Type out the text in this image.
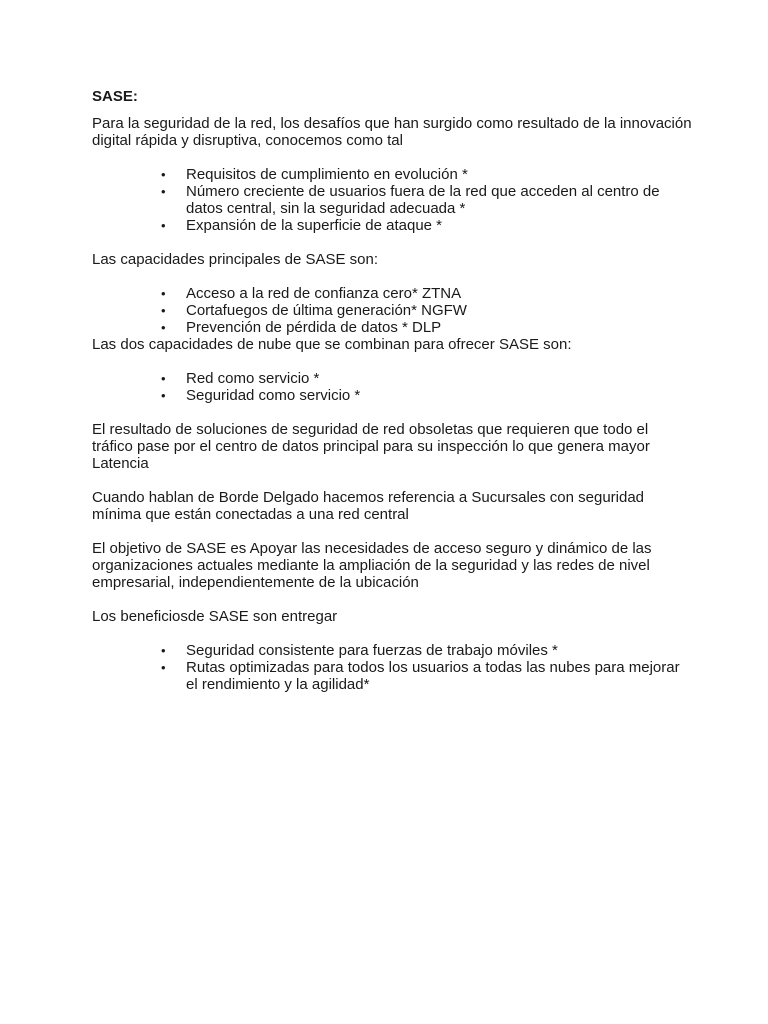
SASE:

Para la seguridad de la red, los desafíos que han surgido como resultado de la innovación digital rápida y disruptiva, conocemos como tal

• Requisitos de cumplimiento en evolución *
• Número creciente de usuarios fuera de la red que acceden al centro de datos central, sin la seguridad adecuada *
• Expansión de la superficie de ataque *

Las capacidades principales de SASE son:

• Acceso a la red de confianza cero* ZTNA
• Cortafuegos de última generación* NGFW
• Prevención de pérdida de datos * DLP

Las dos capacidades de nube que se combinan para ofrecer SASE son:

• Red como servicio *
• Seguridad como servicio *

El resultado de soluciones de seguridad de red obsoletas que requieren que todo el tráfico pase por el centro de datos principal para su inspección lo que genera mayor Latencia

Cuando hablan de Borde Delgado hacemos referencia a Sucursales con seguridad mínima que están conectadas a una red central

El objetivo de SASE es Apoyar las necesidades de acceso seguro y dinámico de las organizaciones actuales mediante la ampliación de la seguridad y las redes de nivel empresarial, independientemente de la ubicación

Los beneficiosde SASE son entregar

• Seguridad consistente para fuerzas de trabajo móviles *
• Rutas optimizadas para todos los usuarios a todas las nubes para mejorar el rendimiento y la agilidad*
